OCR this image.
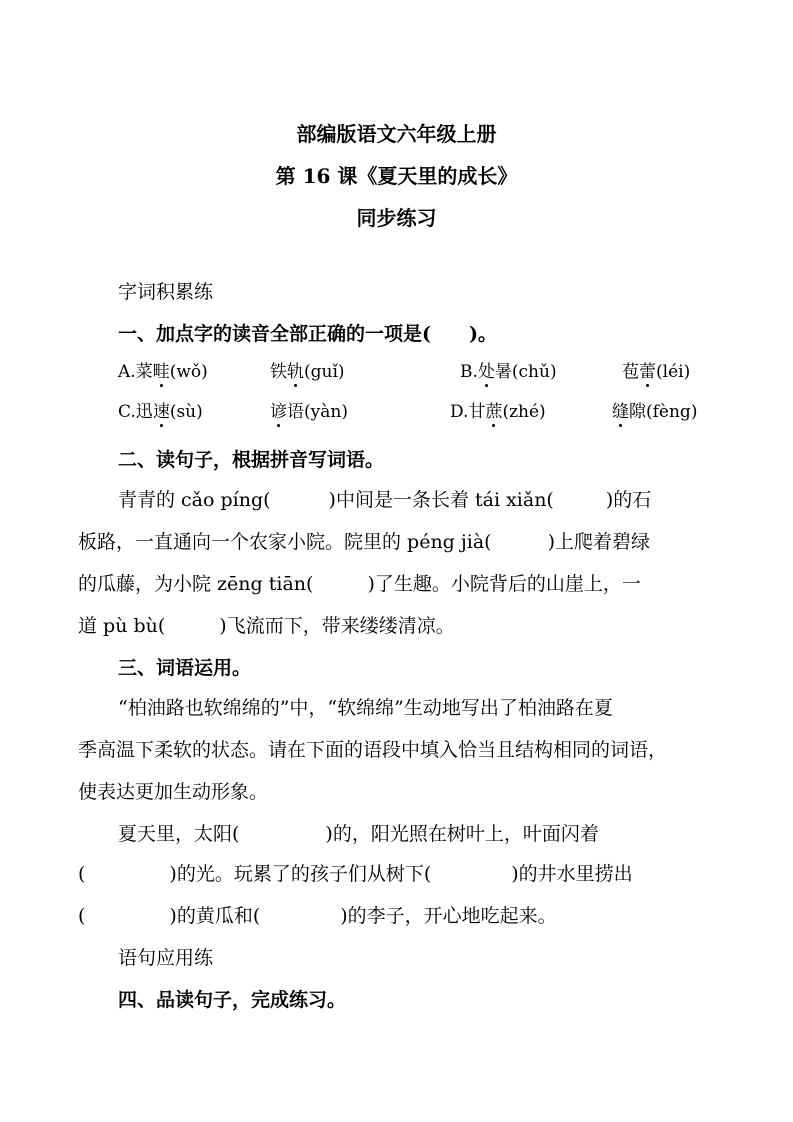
部编版语文六年级上册
第 16 课《夏天里的成长》
同步练习
字词积累练
一、加点字的读音全部正确的一项是(　　)。
A.菜畦(wǒ)	铁轨(guǐ)	B.处暑(chǔ)	苞蕾(léi)
C.迅速(sù)	谚语(yàn)	D.甘蔗(zhé)	缝隙(fèng)
二、读句子，根据拼音写词语。
青青的 cǎo píng(	)中间是一条长着 tái xiǎn(	)的石
板路，一直通向一个农家小院。院里的 péng jià(	)上爬着碧绿
的瓜藤，为小院 zēng tiān(	)了生趣。小院背后的山崖上，一
道 pù bù(	)飞流而下，带来缕缕清凉。
三、词语运用。
“柏油路也软绵绵的”中，“软绵绵”生动地写出了柏油路在夏
季高温下柔软的状态。请在下面的语段中填入恰当且结构相同的词语，
使表达更加生动形象。
夏天里，太阳(	)的，阳光照在树叶上，叶面闪着
(	)的光。玩累了的孩子们从树下(	)的井水里捞出
(	)的黄瓜和(	)的李子，开心地吃起来。
语句应用练
四、品读句子，完成练习。
